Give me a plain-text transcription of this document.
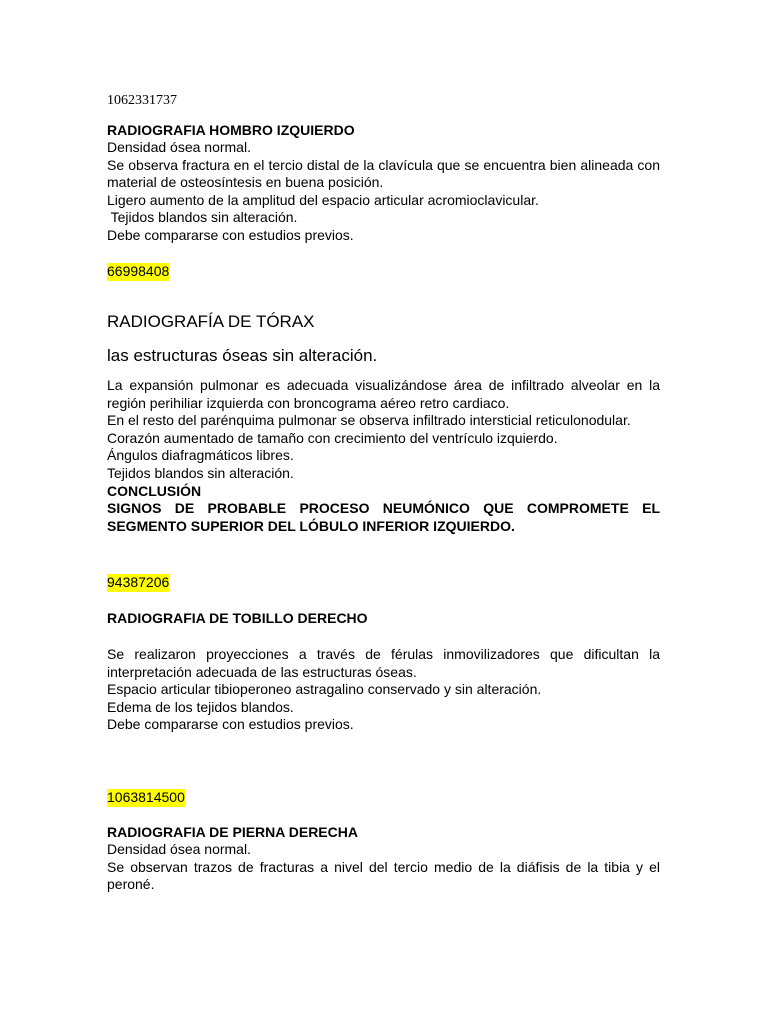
1062331737
RADIOGRAFIA HOMBRO IZQUIERDO

Densidad ósea normal.

Se observa fractura en el tercio distal de la clavícula que se encuentra bien alineada con material de osteosíntesis en buena posición.

Ligero aumento de la amplitud del espacio articular acromioclavicular.

Tejidos blandos sin alteración.

Debe compararse con estudios previos.

66998408
RADIOGRAFÍA DE TÓRAX
las estructuras óseas sin alteración.

La expansión pulmonar es adecuada visualizándose área de infiltrado alveolar en la región perihiliar izquierda con broncograma aéreo retro cardiaco.

En el resto del parénquima pulmonar se observa infiltrado intersticial reticulonodular.

Corazón aumentado de tamaño con crecimiento del ventrículo izquierdo.

Ángulos diafragmáticos libres.

Tejidos blandos sin alteración.

CONCLUSIÓN

SIGNOS DE PROBABLE PROCESO NEUMÓNICO QUE COMPROMETE EL SEGMENTO SUPERIOR DEL LÓBULO INFERIOR IZQUIERDO.

94387206
RADIOGRAFIA DE TOBILLO DERECHO

Se realizaron proyecciones a través de férulas inmovilizadores que dificultan la interpretación adecuada de las estructuras óseas.

Espacio articular tibioperoneo astragalino conservado y sin alteración.

Edema de los tejidos blandos.

Debe compararse con estudios previos.

1063814500
RADIOGRAFIA DE PIERNA DERECHA

Densidad ósea normal.

Se observan trazos de fracturas a nivel del tercio medio de la diáfisis de la tibia y el peroné.
